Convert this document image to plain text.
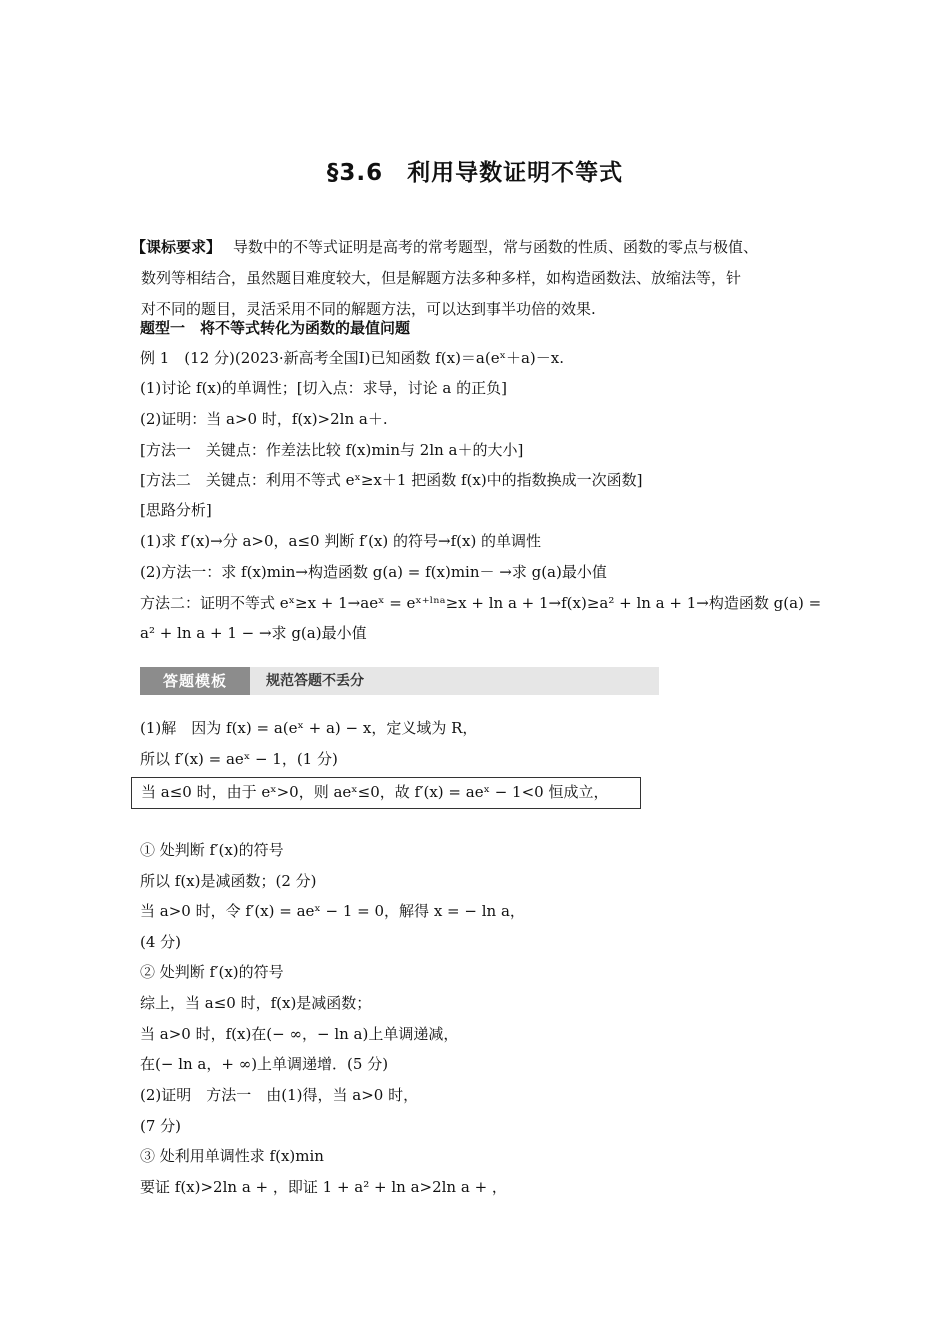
§3.6　利用导数证明不等式
【课标要求】 导数中的不等式证明是高考的常考题型，常与函数的性质、函数的零点与极值、
数列等相结合，虽然题目难度较大，但是解题方法多种多样，如构造函数法、放缩法等，针
对不同的题目，灵活采用不同的解题方法，可以达到事半功倍的效果.
题型一　将不等式转化为函数的最值问题
例 1　(12 分)(2023·新高考全国Ⅰ)已知函数 f(x)＝a(eˣ＋a)－x.
(1)讨论 f(x)的单调性；[切入点：求导，讨论 a 的正负]
(2)证明：当 a>0 时，f(x)>2ln a＋.
[方法一　关键点：作差法比较 f(x)min与 2ln a＋的大小]
[方法二　关键点：利用不等式 eˣ≥x＋1 把函数 f(x)中的指数换成一次函数]
[思路分析]
(1)求 f′(x)→分 a>0，a≤0 判断 f′(x) 的符号→f(x) 的单调性
(2)方法一：求 f(x)min→构造函数 g(a) = f(x)min－ →求 g(a)最小值
方法二：证明不等式 eˣ≥x + 1→aeˣ = eˣ⁺ˡⁿᵃ≥x + ln a + 1→f(x)≥a² + ln a + 1→构造函数 g(a) =
a² + ln a + 1 − →求 g(a)最小值
答题模板	规范答题不丢分
(1)解　因为 f(x) = a(eˣ + a) − x，定义域为 R，
所以 f′(x) = aeˣ − 1，(1 分)
当 a≤0 时，由于 eˣ>0，则 aeˣ≤0，故 f′(x) = aeˣ − 1<0 恒成立，
① 处判断 f′(x)的符号
所以 f(x)是减函数；(2 分)
当 a>0 时，令 f′(x) = aeˣ − 1 = 0，解得 x = − ln a，
(4 分)
② 处判断 f′(x)的符号
综上，当 a≤0 时，f(x)是减函数；
当 a>0 时，f(x)在(− ∞，− ln a)上单调递减，
在(− ln a，+ ∞)上单调递增．(5 分)
(2)证明　方法一　由(1)得，当 a>0 时，
(7 分)
③ 处利用单调性求 f(x)min
要证 f(x)>2ln a + ，即证 1 + a² + ln a>2ln a + ，
